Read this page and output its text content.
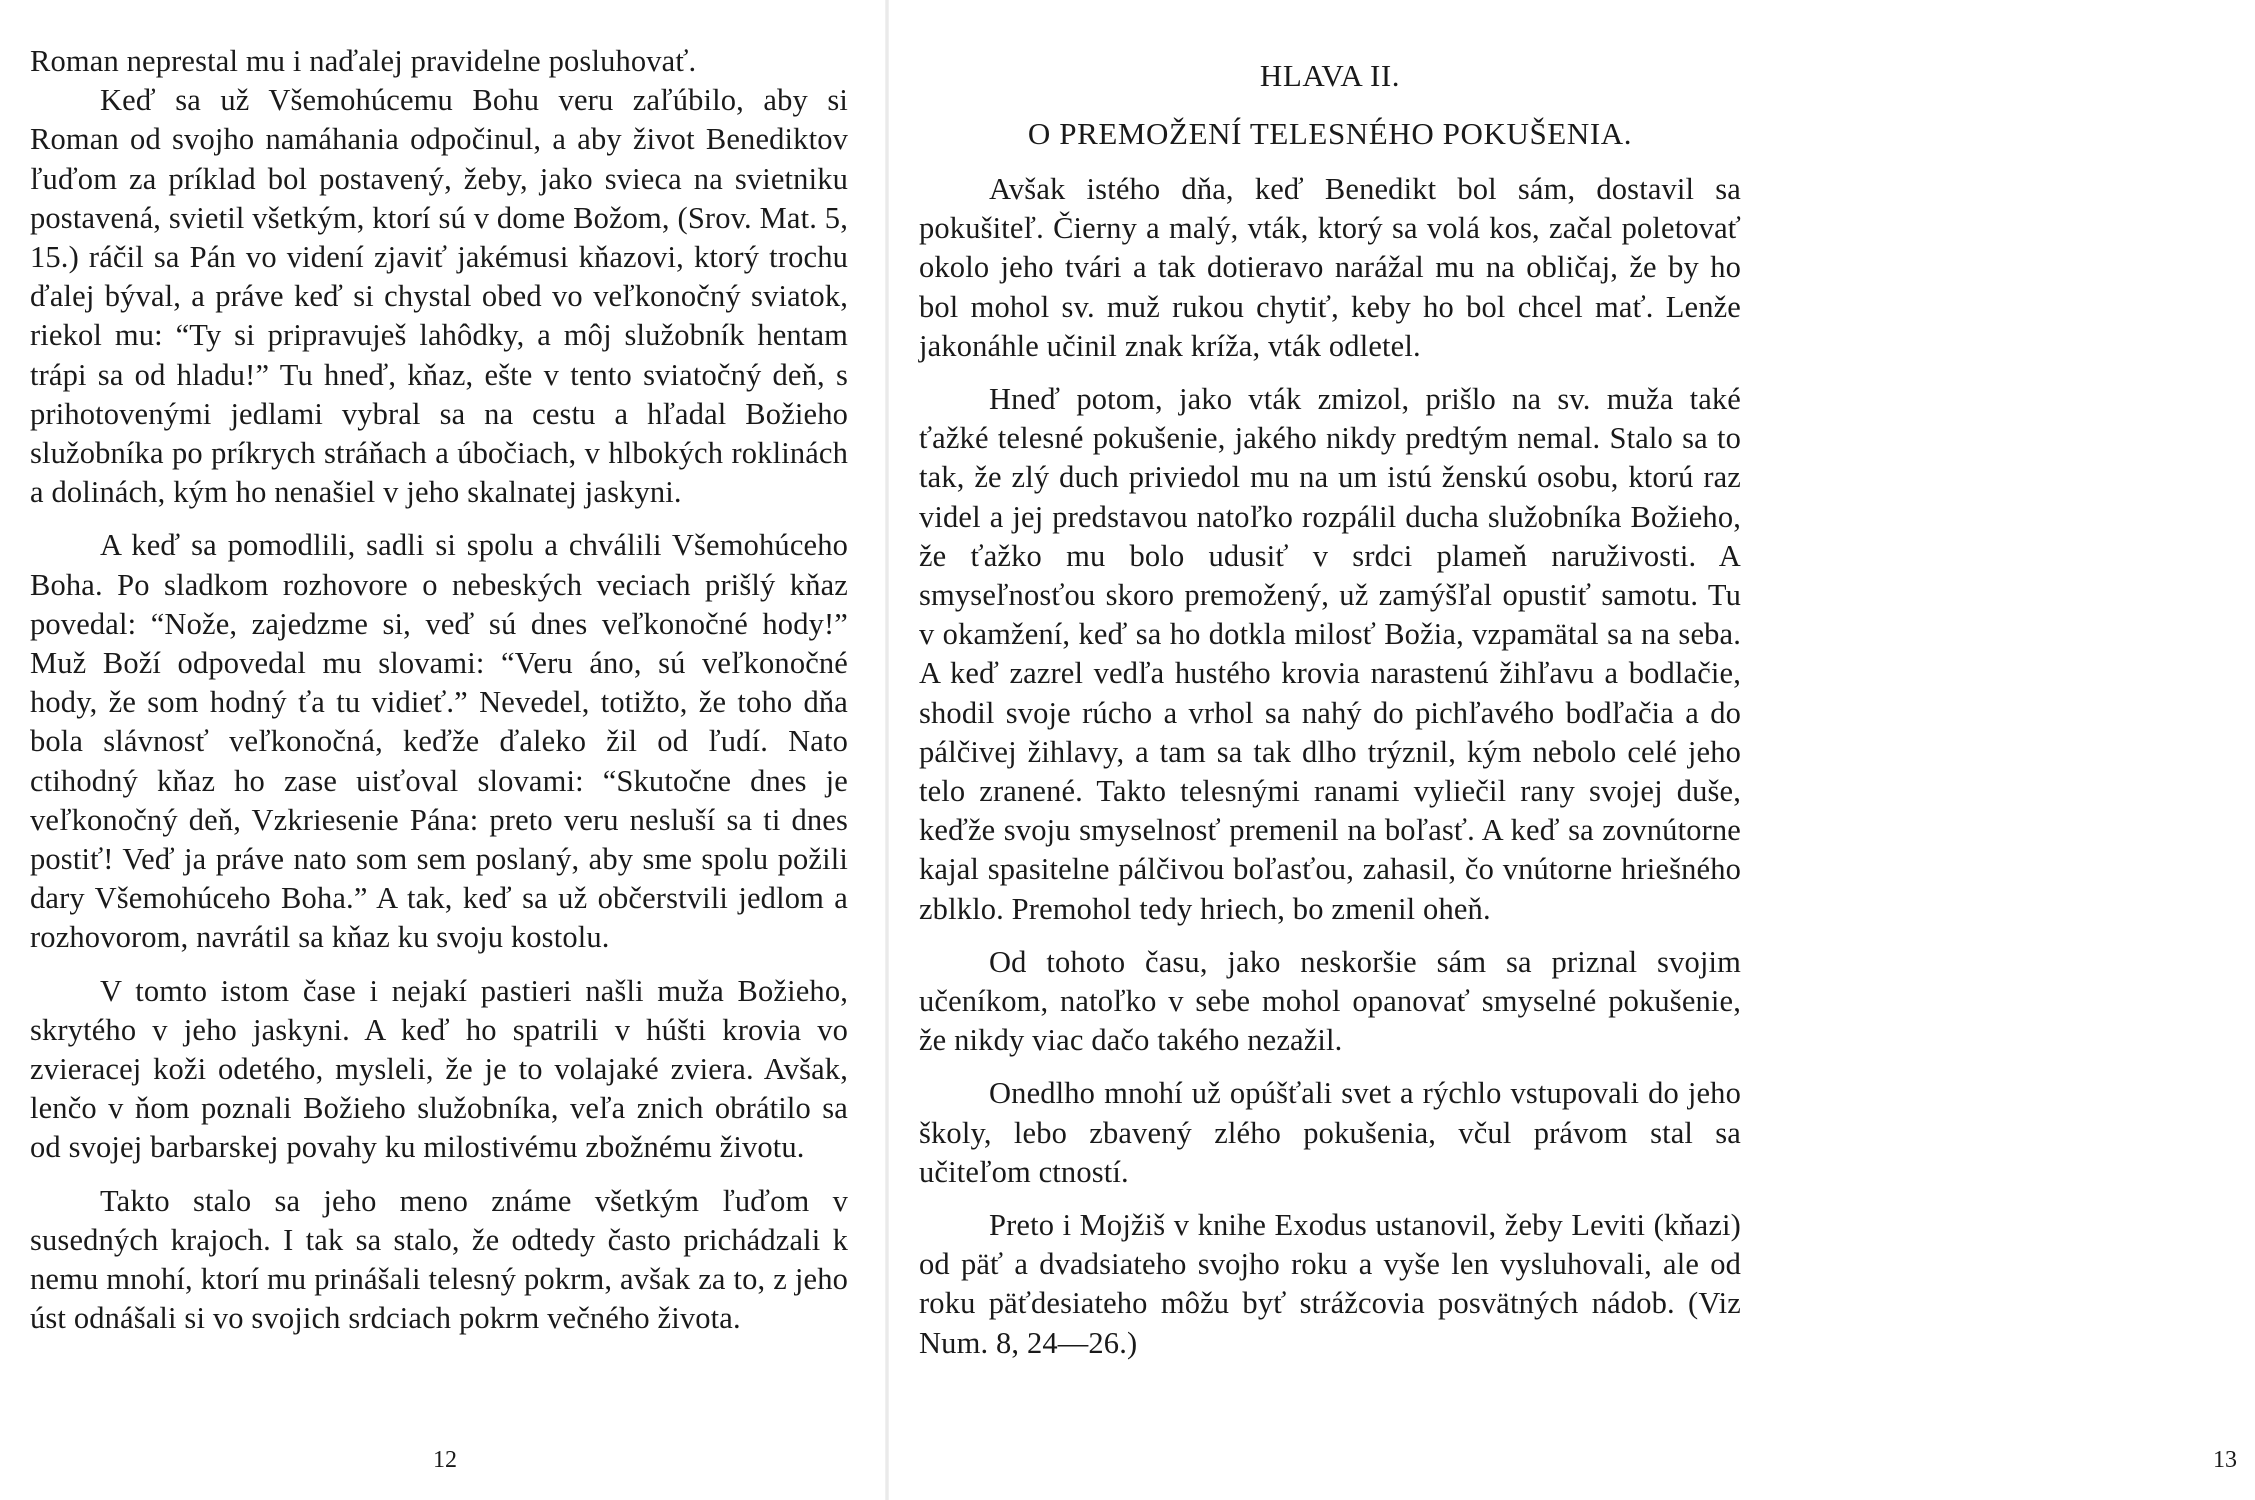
Roman neprestal mu i naďalej pravidelne posluhovať.

Keď sa už Všemohúcemu Bohu veru zaľúbilo, aby si Roman od svojho namáhania odpočinul, a aby život Benediktov ľuďom za príklad bol postavený, žeby, jako svieca na svietniku postavená, svietil všetkým, ktorí sú v dome Božom, (Srov. Mat. 5, 15.) ráčil sa Pán vo videní zjaviť jakémusi kňazovi, ktorý trochu ďalej býval, a práve keď si chystal obed vo veľkonočný sviatok, riekol mu: “Ty si pripravuješ lahôdky, a môj služobník hentam trápi sa od hladu!” Tu hneď, kňaz, ešte v tento sviatočný deň, s prihotovenými jedlami vybral sa na cestu a hľadal Božieho služobníka po príkrych stráňach a úbočiach, v hlbokých roklinách a dolinách, kým ho nenašiel v jeho skalnatej jaskyni.

A keď sa pomodlili, sadli si spolu a chválili Všemohúceho Boha. Po sladkom rozhovore o nebeských veciach prišlý kňaz povedal: “Nože, zajedzme si, veď sú dnes veľkonočné hody!” Muž Boží odpovedal mu slovami: “Veru áno, sú veľkonočné hody, že som hodný ťa tu vidieť.” Nevedel, totižto, že toho dňa bola slávnosť veľkonočná, keďže ďaleko žil od ľudí. Nato ctihodný kňaz ho zase uisťoval slovami: “Skutočne dnes je veľkonočný deň, Vzkriesenie Pána: preto veru nesluší sa ti dnes postiť! Veď ja práve nato som sem poslaný, aby sme spolu požili dary Všemohúceho Boha.” A tak, keď sa už občerstvili jedlom a rozhovorom, navrátil sa kňaz ku svoju kostolu.

V tomto istom čase i nejakí pastieri našli muža Božieho, skrytého v jeho jaskyni. A keď ho spatrili v húšti krovia vo zvieracej koži odetého, mysleli, že je to volajaké zviera. Avšak, lenčo v ňom poznali Božieho služobníka, veľa znich obrátilo sa od svojej barbarskej povahy ku milostivému zbožnému životu.

Takto stalo sa jeho meno známe všetkým ľuďom v susedných krajoch. I tak sa stalo, že odtedy často prichádzali k nemu mnohí, ktorí mu prinášali telesný pokrm, avšak za to, z jeho úst odnášali si vo svojich srdciach pokrm večného života.

12

HLAVA II.

O PREMOŽENÍ TELESNÉHO POKUŠENIA.

Avšak istého dňa, keď Benedikt bol sám, dostavil sa pokušiteľ. Čierny a malý, vták, ktorý sa volá kos, začal poletovať okolo jeho tvári a tak dotieravo narážal mu na obličaj, že by ho bol mohol sv. muž rukou chytiť, keby ho bol chcel mať. Lenže jakonáhle učinil znak kríža, vták odletel.

Hneď potom, jako vták zmizol, prišlo na sv. muža také ťažké telesné pokušenie, jakého nikdy predtým nemal. Stalo sa to tak, že zlý duch priviedol mu na um istú ženskú osobu, ktorú raz videl a jej predstavou natoľko rozpálil ducha služobníka Božieho, že ťažko mu bolo udusiť v srdci plameň naruživosti. A smyseľnosťou skoro premožený, už zamýšľal opustiť samotu. Tu v okamžení, keď sa ho dotkla milosť Božia, vzpamätal sa na seba. A keď zazrel vedľa hustého krovia narastenú žihľavu a bodlačie, shodil svoje rúcho a vrhol sa nahý do pichľavého bodľačia a do pálčivej žihlavy, a tam sa tak dlho trýznil, kým nebolo celé jeho telo zranené. Takto telesnými ranami vyliečil rany svojej duše, keďže svoju smyselnosť premenil na boľasť. A keď sa zovnútorne kajal spasitelne pálčivou boľasťou, zahasil, čo vnútorne hriešného zblklo. Premohol tedy hriech, bo zmenil oheň.

Od tohoto času, jako neskoršie sám sa priznal svojim učeníkom, natoľko v sebe mohol opanovať smyselné pokušenie, že nikdy viac dačo takého nezažil.

Onedlho mnohí už opúšťali svet a rýchlo vstupovali do jeho školy, lebo zbavený zlého pokušenia, včul právom stal sa učiteľom ctností.

Preto i Mojžiš v knihe Exodus ustanovil, žeby Leviti (kňazi) od päť a dvadsiateho svojho roku a vyše len vysluhovali, ale od roku päťdesiateho môžu byť strážcovia posvätných nádob. (Viz Num. 8, 24—26.)

13
